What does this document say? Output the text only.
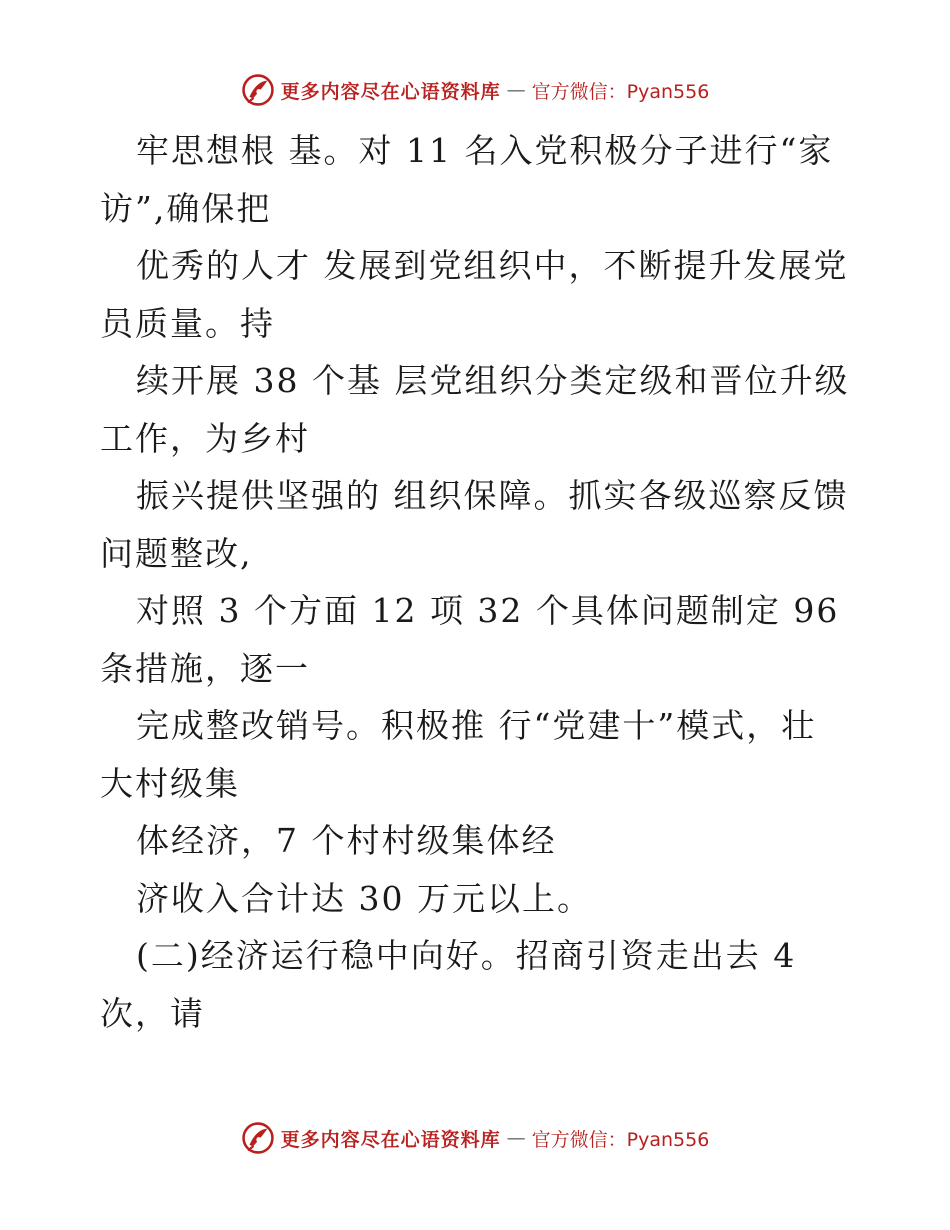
更多内容尽在心语资料库 — 官方微信：Pyan556
牢思想根 基。对 11 名入党积极分子进行“家
访”,确保把
优秀的人才 发展到党组织中，不断提升发展党
员质量。持
续开展 38 个基 层党组织分类定级和晋位升级
工作，为乡村
振兴提供坚强的 组织保障。抓实各级巡察反馈
问题整改,
对照 3 个方面 12 项 32 个具体问题制定 96
条措施，逐一
完成整改销号。积极推 行“党建十”模式，壮
大村级集
体经济，7 个村村级集体经
济收入合计达 30 万元以上。
(二)经济运行稳中向好。招商引资走出去 4
次，请
更多内容尽在心语资料库 — 官方微信：Pyan556
